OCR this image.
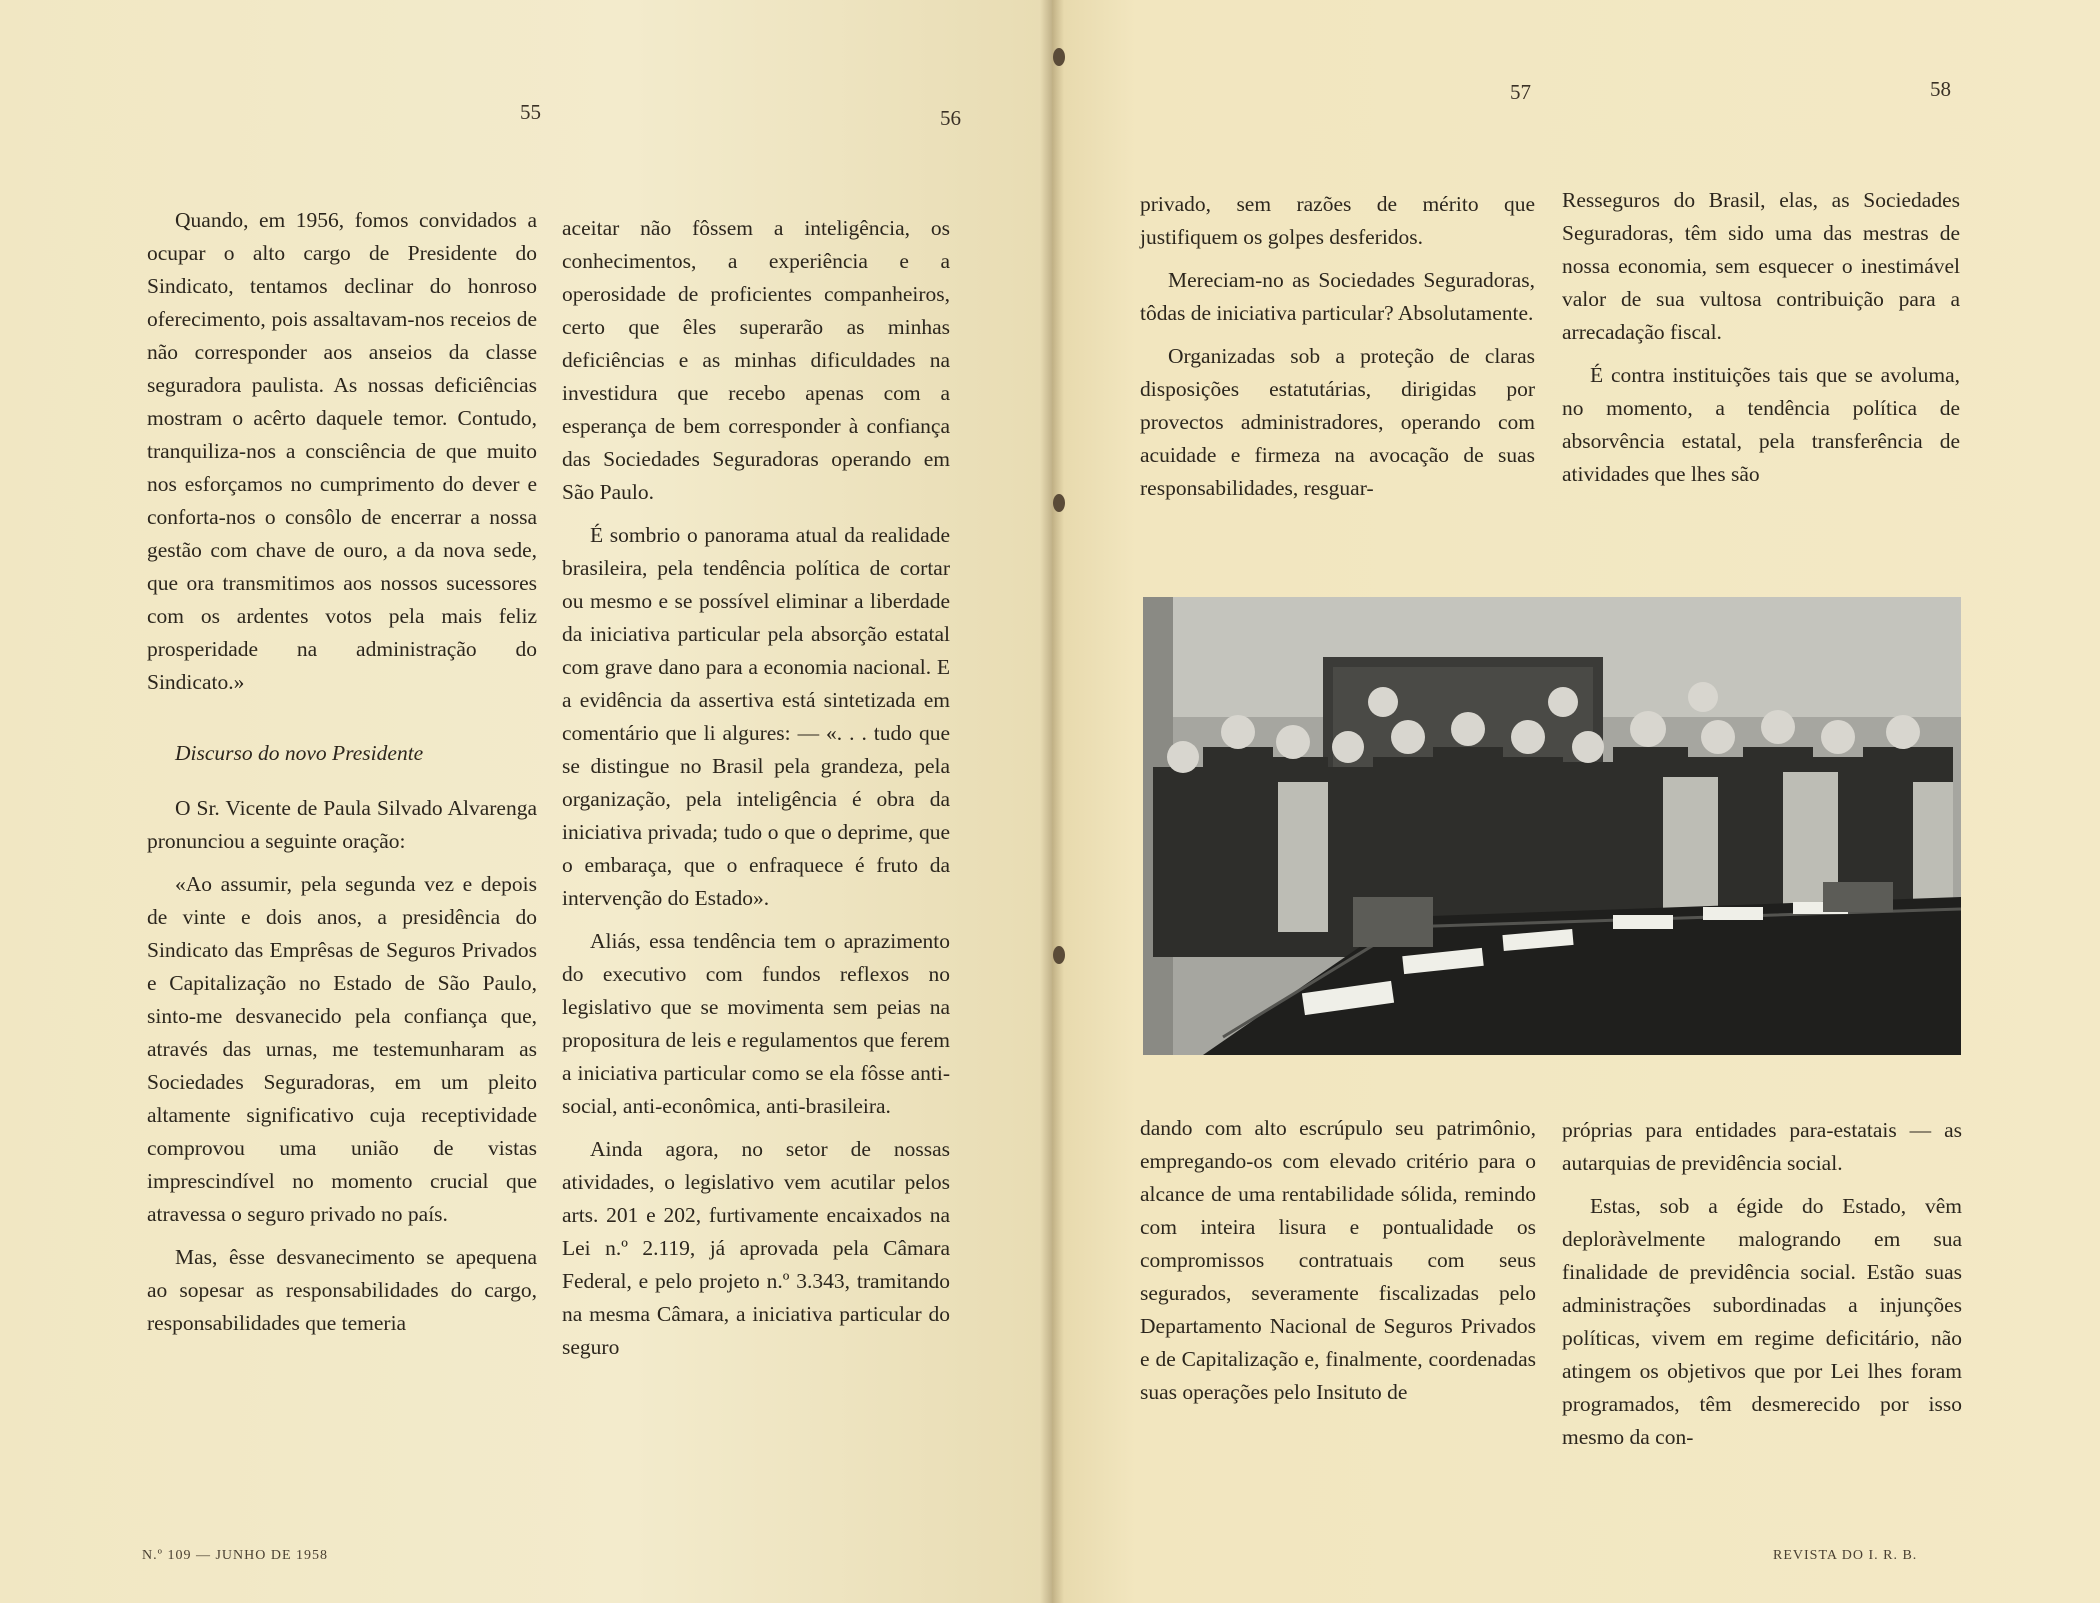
55	56
57	58

Quando, em 1956, fomos convidados a ocupar o alto cargo de Presidente do Sindicato, tentamos declinar do honroso oferecimento, pois assaltavam-nos receios de não corresponder aos anseios da classe seguradora paulista. As nossas deficiências mostram o acêrto daquele temor. Contudo, tranquiliza-nos a consciência de que muito nos esforçamos no cumprimento do dever e conforta-nos o consôlo de encerrar a nossa gestão com chave de ouro, a da nova sede, que ora transmitimos aos nossos sucessores com os ardentes votos pela mais feliz prosperidade na administração do Sindicato.»

Discurso do novo Presidente

O Sr. Vicente de Paula Silvado Alvarenga pronunciou a seguinte oração:

«Ao assumir, pela segunda vez e depois de vinte e dois anos, a presidência do Sindicato das Emprêsas de Seguros Privados e Capitalização no Estado de São Paulo, sinto-me desvanecido pela confiança que, através das urnas, me testemunharam as Sociedades Seguradoras, em um pleito altamente significativo cuja receptividade comprovou uma união de vistas imprescindível no momento crucial que atravessa o seguro privado no país.

Mas, êsse desvanecimento se apequena ao sopesar as responsabilidades do cargo, responsabilidades que temeria

aceitar não fôssem a inteligência, os conhecimentos, a experiência e a operosidade de proficientes companheiros, certo que êles superarão as minhas deficiências e as minhas dificuldades na investidura que recebo apenas com a esperança de bem corresponder à confiança das Sociedades Seguradoras operando em São Paulo.

É sombrio o panorama atual da realidade brasileira, pela tendência política de cortar ou mesmo e se possível eliminar a liberdade da iniciativa particular pela absorção estatal com grave dano para a economia nacional. E a evidência da assertiva está sintetizada em comentário que li algures: — «. . . tudo que se distingue no Brasil pela grandeza, pela organização, pela inteligência é obra da iniciativa privada; tudo o que o deprime, que o embaraça, que o enfraquece é fruto da intervenção do Estado».

Aliás, essa tendência tem o aprazimento do executivo com fundos reflexos no legislativo que se movimenta sem peias na propositura de leis e regulamentos que ferem a iniciativa particular como se ela fôsse anti-social, anti-econômica, anti-brasileira.

Ainda agora, no setor de nossas atividades, o legislativo vem acutilar pelos arts. 201 e 202, furtivamente encaixados na Lei n.º 2.119, já aprovada pela Câmara Federal, e pelo projeto n.º 3.343, tramitando na mesma Câmara, a iniciativa particular do seguro

privado, sem razões de mérito que justifiquem os golpes desferidos.

Mereciam-no as Sociedades Seguradoras, tôdas de iniciativa particular? Absolutamente.

Organizadas sob a proteção de claras disposições estatutárias, dirigidas por provectos administradores, operando com acuidade e firmeza na avocação de suas responsabilidades, resguar-

Resseguros do Brasil, elas, as Sociedades Seguradoras, têm sido uma das mestras de nossa economia, sem esquecer o inestimável valor de sua vultosa contribuição para a arrecadação fiscal.

É contra instituições tais que se avoluma, no momento, a tendência política de absorvência estatal, pela transferência de atividades que lhes são

dando com alto escrúpulo seu patrimônio, empregando-os com elevado critério para o alcance de uma rentabilidade sólida, remindo com inteira lisura e pontualidade os compromissos contratuais com seus segurados, severamente fiscalizadas pelo Departamento Nacional de Seguros Privados e de Capitalização e, finalmente, coordenadas suas operações pelo Insituto de

próprias para entidades para-estatais — as autarquias de previdência social.

Estas, sob a égide do Estado, vêm deploràvelmente malogrando em sua finalidade de previdência social. Estão suas administrações subordinadas a injunções políticas, vivem em regime deficitário, não atingem os objetivos que por Lei lhes foram programados, têm desmerecido por isso mesmo da con-

N.º 109 — JUNHO DE 1958	REVISTA DO I. R. B.
